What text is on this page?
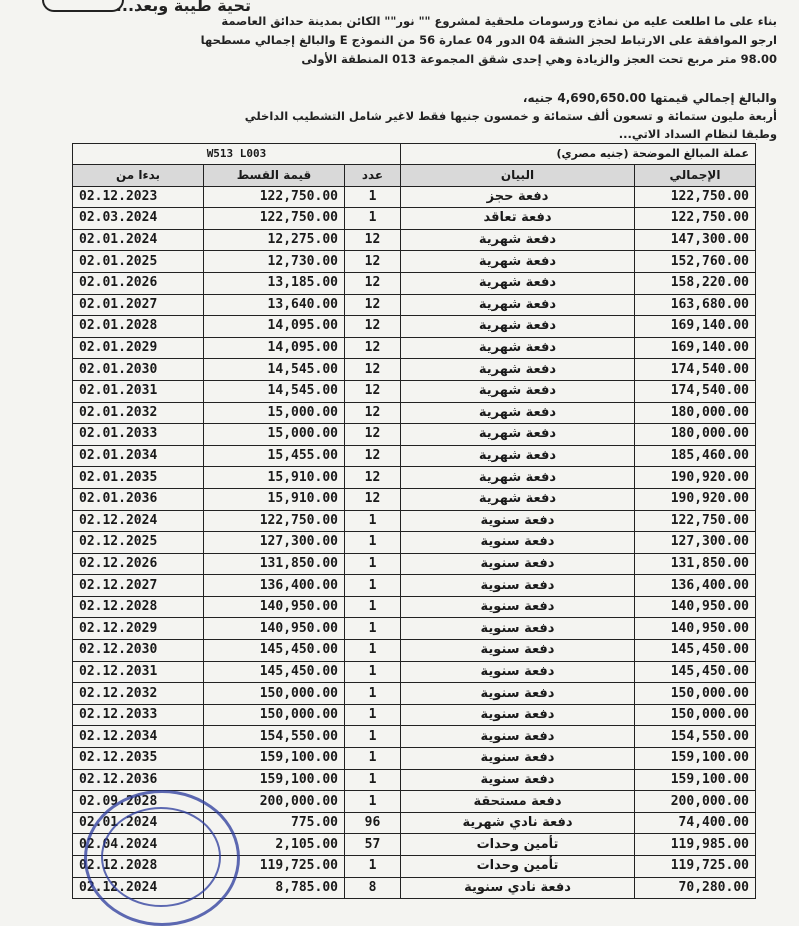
تحية طيبة وبعد...
بناء على ما اطلعت عليه من نماذج ورسومات ملحقية لمشروع "" نور"" الكائن بمدينة حدائق العاصمة
ارجو الموافقة على الارتباط لحجز الشقة 04 الدور 04 عمارة 56 من النموذج E والبالغ إجمالي مسطحها
98.00 متر مربع تحت العجز والزيادة وهي إحدى شقق المجموعة 013 المنطقة الأولى
والبالغ إجمالي قيمتها 4,690,650.00 جنيه،
أربعة مليون ستمائة و تسعون ألف ستمائة و خمسون جنيها فقط لاغير شامل التشطيب الداخلي
وطبقا لنظام السداد الاتي...
W513 L003			عملة المبالغ الموضحة (جنيه مصري)	
بدءا من	قيمة القسط	عدد	البيان	الإجمالي
02.12.2023	122,750.00	1	دفعة حجز	122,750.00
02.03.2024	122,750.00	1	دفعة تعاقد	122,750.00
02.01.2024	12,275.00	12	دفعة شهرية	147,300.00
02.01.2025	12,730.00	12	دفعة شهرية	152,760.00
02.01.2026	13,185.00	12	دفعة شهرية	158,220.00
02.01.2027	13,640.00	12	دفعة شهرية	163,680.00
02.01.2028	14,095.00	12	دفعة شهرية	169,140.00
02.01.2029	14,095.00	12	دفعة شهرية	169,140.00
02.01.2030	14,545.00	12	دفعة شهرية	174,540.00
02.01.2031	14,545.00	12	دفعة شهرية	174,540.00
02.01.2032	15,000.00	12	دفعة شهرية	180,000.00
02.01.2033	15,000.00	12	دفعة شهرية	180,000.00
02.01.2034	15,455.00	12	دفعة شهرية	185,460.00
02.01.2035	15,910.00	12	دفعة شهرية	190,920.00
02.01.2036	15,910.00	12	دفعة شهرية	190,920.00
02.12.2024	122,750.00	1	دفعة سنوية	122,750.00
02.12.2025	127,300.00	1	دفعة سنوية	127,300.00
02.12.2026	131,850.00	1	دفعة سنوية	131,850.00
02.12.2027	136,400.00	1	دفعة سنوية	136,400.00
02.12.2028	140,950.00	1	دفعة سنوية	140,950.00
02.12.2029	140,950.00	1	دفعة سنوية	140,950.00
02.12.2030	145,450.00	1	دفعة سنوية	145,450.00
02.12.2031	145,450.00	1	دفعة سنوية	145,450.00
02.12.2032	150,000.00	1	دفعة سنوية	150,000.00
02.12.2033	150,000.00	1	دفعة سنوية	150,000.00
02.12.2034	154,550.00	1	دفعة سنوية	154,550.00
02.12.2035	159,100.00	1	دفعة سنوية	159,100.00
02.12.2036	159,100.00	1	دفعة سنوية	159,100.00
02.09.2028	200,000.00	1	دفعة مستحقة	200,000.00
02.01.2024	775.00	96	دفعة نادي شهرية	74,400.00
02.04.2024	2,105.00	57	تأمين وحدات	119,985.00
02.12.2028	119,725.00	1	تأمين وحدات	119,725.00
02.12.2024	8,785.00	8	دفعة نادي سنوية	70,280.00
